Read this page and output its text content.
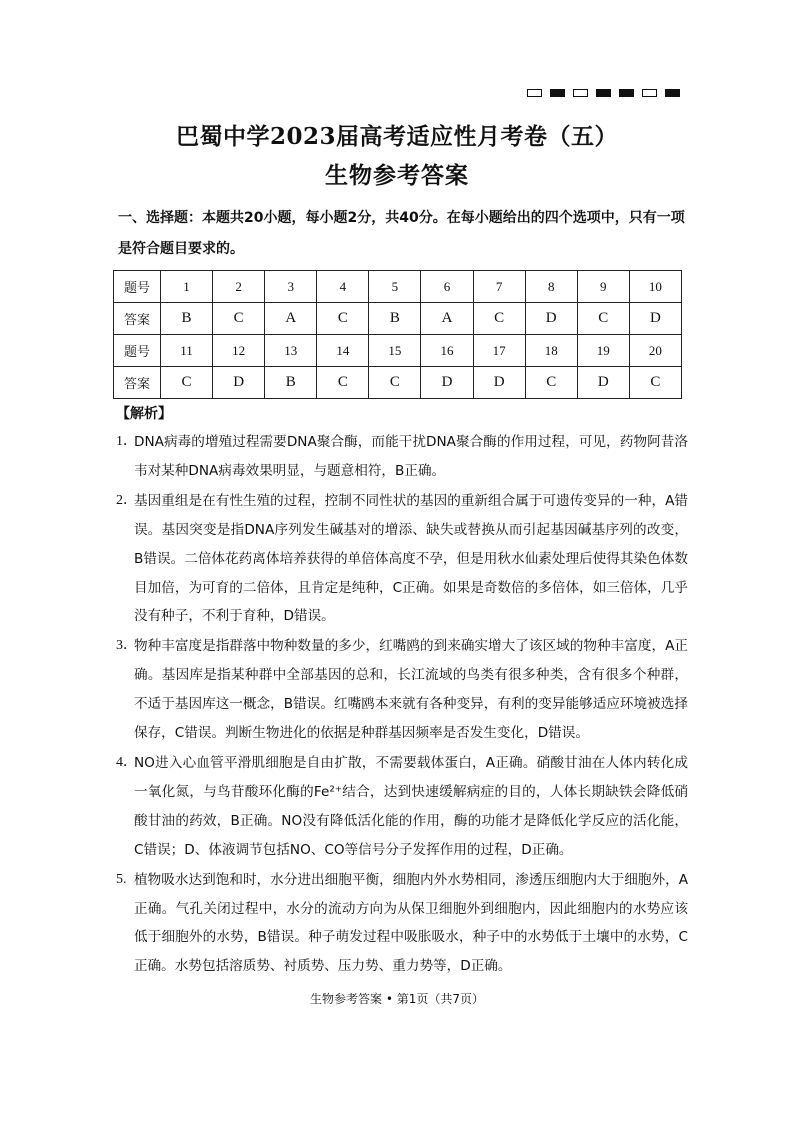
巴蜀中学2023届高考适应性月考卷（五）
生物参考答案
一、选择题：本题共20小题，每小题2分，共40分。在每小题给出的四个选项中，只有一项是符合题目要求的。
题号	1	2	3	4	5	6	7	8	9	10
答案	B	C	A	C	B	A	C	D	C	D
题号	11	12	13	14	15	16	17	18	19	20
答案	C	D	B	C	C	D	D	C	D	C
【解析】
1．
DNA病毒的增殖过程需要DNA聚合酶，而能干扰DNA聚合酶的作用过程，可见，药物阿昔洛韦对某种DNA病毒效果明显，与题意相符，B正确。
2．
基因重组是在有性生殖的过程，控制不同性状的基因的重新组合属于可遗传变异的一种，A错误。基因突变是指DNA序列发生碱基对的增添、缺失或替换从而引起基因碱基序列的改变，B错误。二倍体花药离体培养获得的单倍体高度不孕，但是用秋水仙素处理后使得其染色体数目加倍，为可育的二倍体，且肯定是纯种，C正确。如果是奇数倍的多倍体，如三倍体，几乎没有种子，不利于育种，D错误。
3．
物种丰富度是指群落中物种数量的多少，红嘴鸥的到来确实增大了该区域的物种丰富度，A正确。基因库是指某种群中全部基因的总和，长江流域的鸟类有很多种类，含有很多个种群，不适于基因库这一概念，B错误。红嘴鸥本来就有各种变异，有利的变异能够适应环境被选择保存，C错误。判断生物进化的依据是种群基因频率是否发生变化，D错误。
4．
NO进入心血管平滑肌细胞是自由扩散，不需要载体蛋白，A正确。硝酸甘油在人体内转化成一氧化氮，与鸟苷酸环化酶的Fe²⁺结合，达到快速缓解病症的目的，人体长期缺铁会降低硝酸甘油的药效，B正确。NO没有降低活化能的作用，酶的功能才是降低化学反应的活化能，C错误；D、体液调节包括NO、CO等信号分子发挥作用的过程，D正确。
5. 植物吸水达到饱和时，水分进出细胞平衡，细胞内外水势相同，渗透压细胞内大于细胞外，A正确。气孔关闭过程中，水分的流动方向为从保卫细胞外到细胞内，因此细胞内的水势应该低于细胞外的水势，B错误。种子萌发过程中吸胀吸水，种子中的水势低于土壤中的水势，C正确。水势包括溶质势、衬质势、压力势、重力势等，D正确。
生物参考答案 • 第1页（共7页）
